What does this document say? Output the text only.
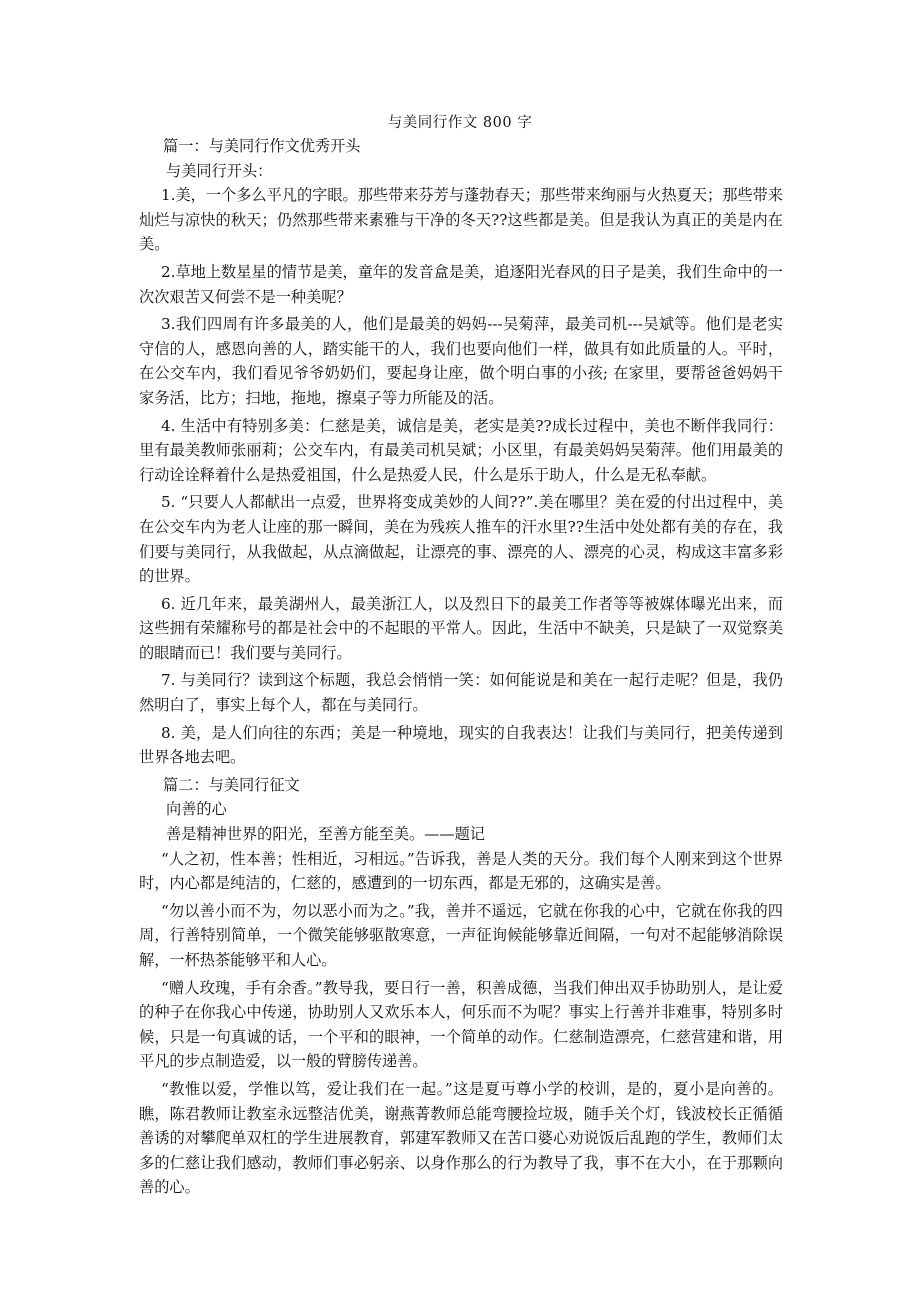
与美同行作文 800 字

篇一：与美同行作文优秀开头

与美同行开头：

1.美，一个多么平凡的字眼。那些带来芬芳与蓬勃春天；那些带来绚丽与火热夏天；那些带来灿烂与凉快的秋天；仍然那些带来素雅与干净的冬天??这些都是美。但是我认为真正的美是内在美。

2.草地上数星星的情节是美，童年的发音盒是美，追逐阳光春风的日子是美，我们生命中的一次次艰苦又何尝不是一种美呢？

3.我们四周有许多最美的人，他们是最美的妈妈---吴菊萍，最美司机---吴斌等。他们是老实守信的人，感恩向善的人，踏实能干的人，我们也要向他们一样，做具有如此质量的人。平时，在公交车内，我们看见爷爷奶奶们，要起身让座，做个明白事的小孩; 在家里，要帮爸爸妈妈干家务活，比方；扫地，拖地，擦桌子等力所能及的活。

4. 生活中有特别多美：仁慈是美，诚信是美，老实是美??成长过程中，美也不断伴我同行：里有最美教师张丽莉；公交车内，有最美司机吴斌；小区里，有最美妈妈吴菊萍。他们用最美的行动诠诠释着什么是热爱祖国，什么是热爱人民，什么是乐于助人，什么是无私奉献。

5. “只要人人都献出一点爱，世界将变成美妙的人间??”.美在哪里？美在爱的付出过程中，美在公交车内为老人让座的那一瞬间，美在为残疾人推车的汗水里??生活中处处都有美的存在，我们要与美同行，从我做起，从点滴做起，让漂亮的事、漂亮的人、漂亮的心灵，构成这丰富多彩的世界。

6. 近几年来，最美湖州人，最美浙江人，以及烈日下的最美工作者等等被媒体曝光出来，而这些拥有荣耀称号的都是社会中的不起眼的平常人。因此，生活中不缺美，只是缺了一双觉察美的眼睛而已！我们要与美同行。

7. 与美同行？读到这个标题，我总会悄悄一笑：如何能说是和美在一起行走呢？但是，我仍然明白了，事实上每个人，都在与美同行。

8. 美，是人们向往的东西；美是一种境地，现实的自我表达！让我们与美同行，把美传递到世界各地去吧。

篇二：与美同行征文

向善的心

善是精神世界的阳光，至善方能至美。——题记

“人之初，性本善；性相近，习相远。”告诉我，善是人类的天分。我们每个人刚来到这个世界时，内心都是纯洁的，仁慈的，感遭到的一切东西，都是无邪的，这确实是善。

“勿以善小而不为，勿以恶小而为之。”我，善并不遥远，它就在你我的心中，它就在你我的四周，行善特别简单，一个微笑能够驱散寒意，一声征询候能够靠近间隔，一句对不起能够消除误解，一杯热茶能够平和人心。

“赠人玫瑰，手有余香。”教导我，要日行一善，积善成德，当我们伸出双手协助别人，是让爱的种子在你我心中传递，协助别人又欢乐本人，何乐而不为呢？事实上行善并非难事，特别多时候，只是一句真诚的话，一个平和的眼神，一个简单的动作。仁慈制造漂亮，仁慈营建和谐，用平凡的步点制造爱，以一般的臂膀传递善。

“教惟以爱，学惟以笃，爱让我们在一起。”这是夏丏尊小学的校训，是的，夏小是向善的。瞧，陈君教师让教室永远整洁优美，谢燕菁教师总能弯腰捡垃圾，随手关个灯，钱波校长正循循善诱的对攀爬单双杠的学生进展教育，郭建军教师又在苦口婆心劝说饭后乱跑的学生，教师们太多的仁慈让我们感动，教师们事必躬亲、以身作那么的行为教导了我，事不在大小，在于那颗向善的心。
